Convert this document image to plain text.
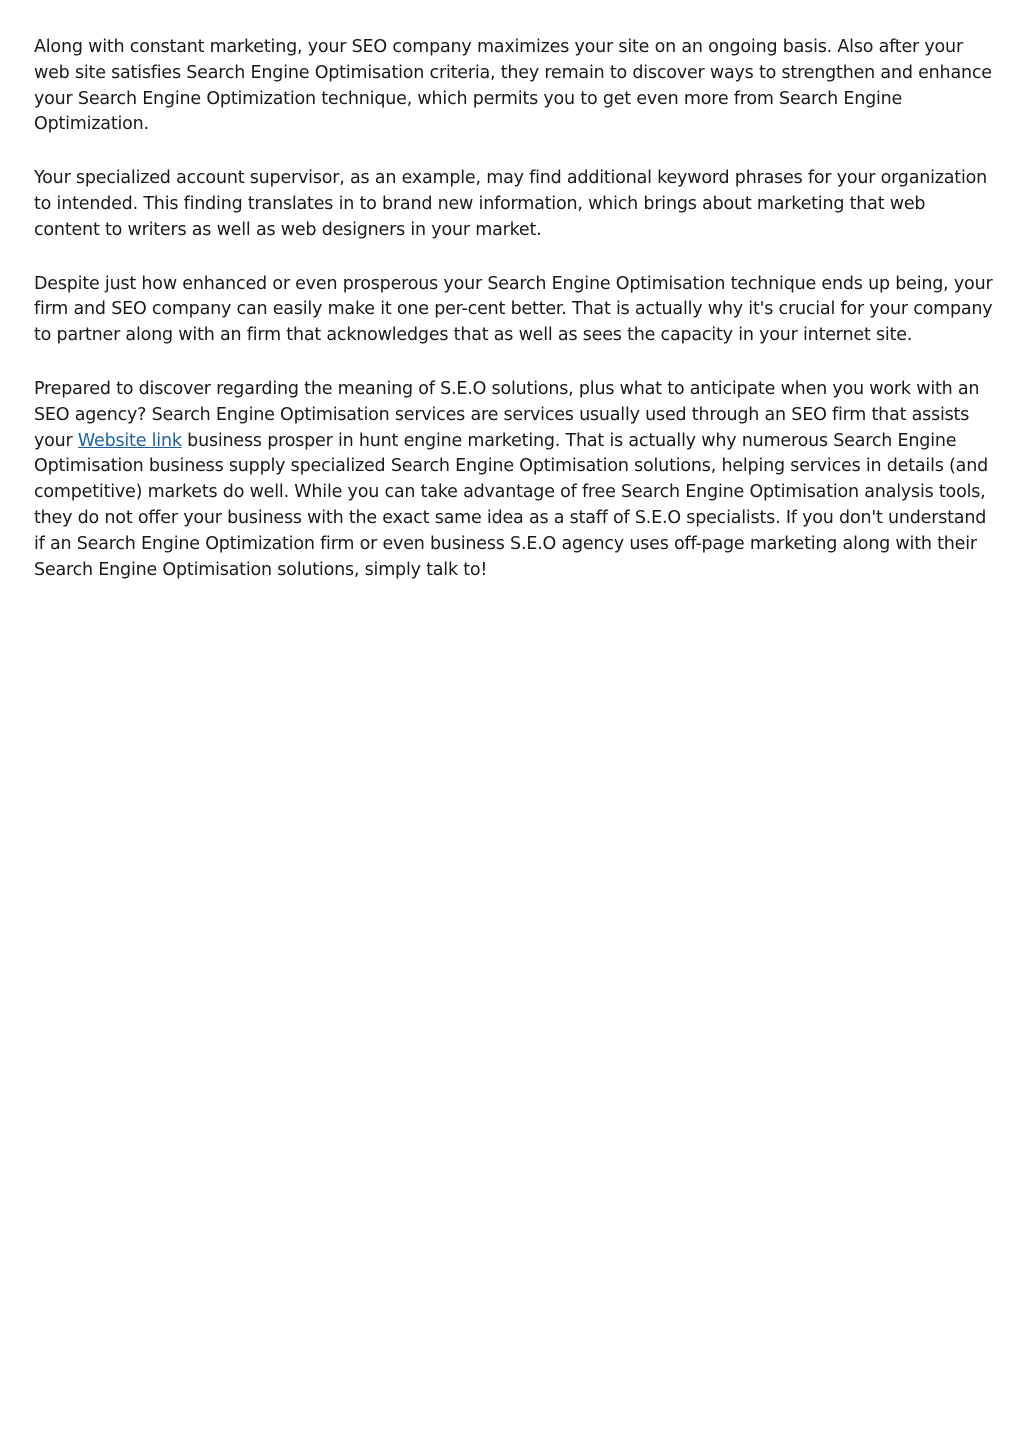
Along with constant marketing, your SEO company maximizes your site on an ongoing basis. Also after your web site satisfies Search Engine Optimisation criteria, they remain to discover ways to strengthen and enhance your Search Engine Optimization technique, which permits you to get even more from Search Engine Optimization.

Your specialized account supervisor, as an example, may find additional keyword phrases for your organization to intended. This finding translates in to brand new information, which brings about marketing that web content to writers as well as web designers in your market.

Despite just how enhanced or even prosperous your Search Engine Optimisation technique ends up being, your firm and SEO company can easily make it one per-cent better. That is actually why it's crucial for your company to partner along with an firm that acknowledges that as well as sees the capacity in your internet site.

Prepared to discover regarding the meaning of S.E.O solutions, plus what to anticipate when you work with an SEO agency? Search Engine Optimisation services are services usually used through an SEO firm that assists your Website link business prosper in hunt engine marketing. That is actually why numerous Search Engine Optimisation business supply specialized Search Engine Optimisation solutions, helping services in details (and competitive) markets do well. While you can take advantage of free Search Engine Optimisation analysis tools, they do not offer your business with the exact same idea as a staff of S.E.O specialists. If you don't understand if an Search Engine Optimization firm or even business S.E.O agency uses off-page marketing along with their Search Engine Optimisation solutions, simply talk to!
